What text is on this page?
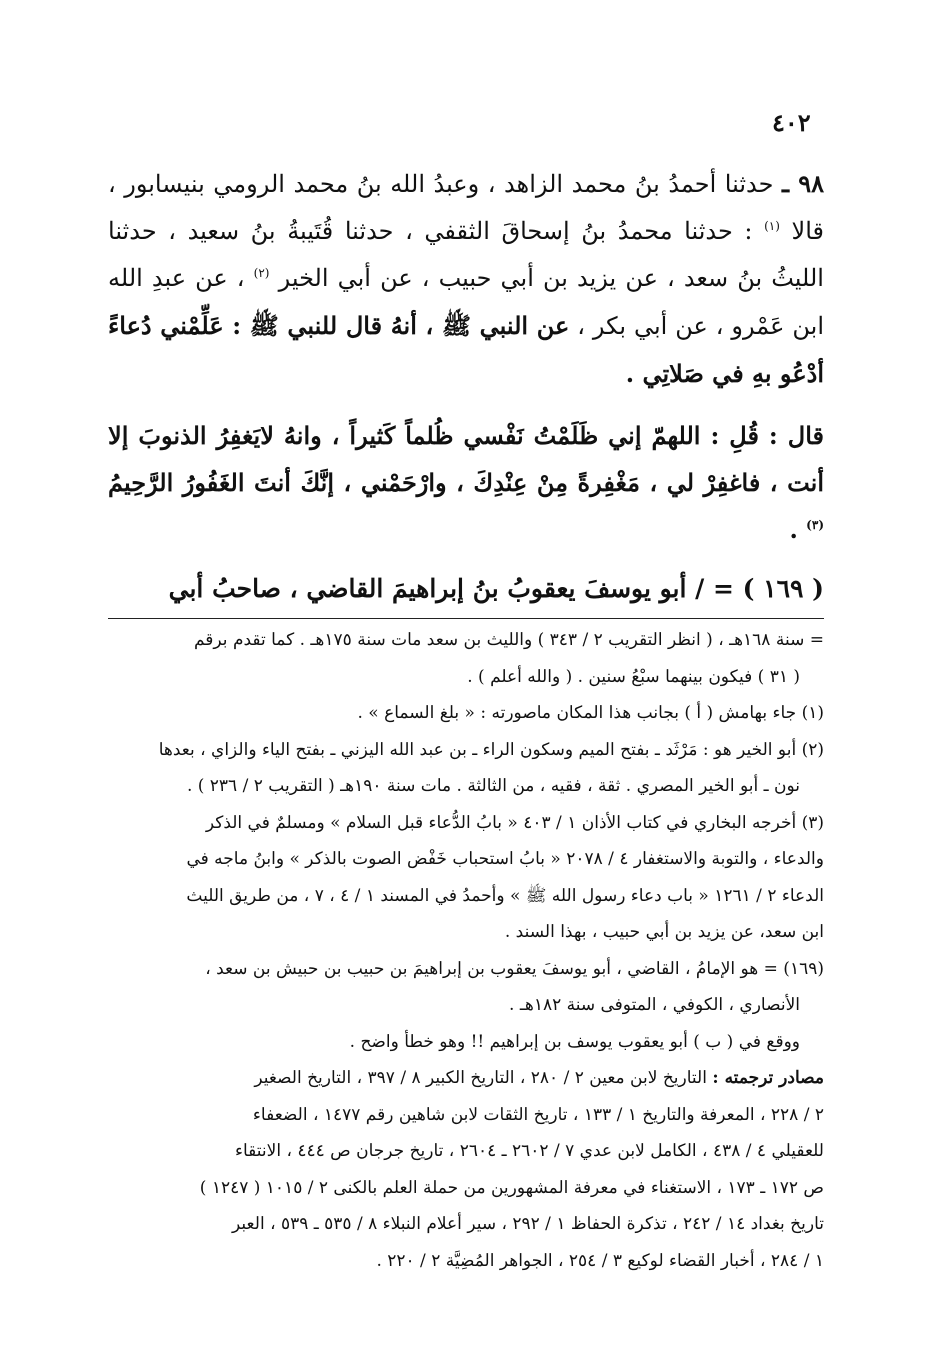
٤٠٢

٩٨ ـ حدثنا أحمدُ بنُ محمد الزاهد ، وعبدُ الله بنُ محمد الرومي بنيسابور ، قالا $^{(١)}$ : حدثنا محمدُ بنُ إسحاقَ الثقفي ، حدثنا قُتَيبةُ بنُ سعيد ، حدثنا الليثُ بنُ سعد ، عن يزيد بن أبي حبيب ، عن أبي الخير $^{(٢)}$ ، عن عبدِ الله ابن عَمْرو ، عن أبي بكر ، عن النبي ﷺ ، أنهُ قال للنبي ﷺ : عَلِّمْني دُعاءً أدْعُو بهِ في صَلاتِي .

قال : قُلِ : اللهمّ إني ظَلَمْتُ نَفْسي ظُلماً كَثيراً ، وانهُ لايَغفِرُ الذنوبَ إلا أنت ، فاغفِرْ لي ، مَغْفِرةً مِنْ عِنْدِكَ ، وارْحَمْني ، إنَّكَ أنتَ الغَفُورُ الرَّحِيمُ $^{(٣)}$ .

( ١٦٩ ) = / أبو يوسفَ يعقوبُ بنُ إبراهيمَ القاضي ، صاحبُ أبي

= سنة ١٦٨هـ ، ( انظر التقريب ٢ / ٣٤٣ ) والليث بن سعد مات سنة ١٧٥هـ . كما تقدم برقم

( ٣١ ) فيكون بينهما سبْعُ سنين . ( والله أعلم ) .

(١) جاء بهامش ( أ ) بجانب هذا المكان ماصورته : « بلغ السماع » .

(٢) أبو الخير هو : مَرْثَد ـ بفتح الميم وسكون الراء ـ بن عبد الله اليزني ـ بفتح الياء والزاي ، بعدها

نون ـ أبو الخير المصري . ثقة ، فقيه ، من الثالثة . مات سنة ١٩٠هـ ( التقريب ٢ / ٢٣٦ ) .

(٣) أخرجه البخاري في كتاب الأذان ١ / ٤٠٣ « بابُ الدُّعاء قبل السلام » ومسلمٌ في الذكر

والدعاء ، والتوبة والاستغفار ٤ / ٢٠٧٨ « بابُ استحباب خَفْض الصوت بالذكر » وابنُ ماجه في

الدعاء ٢ / ١٢٦١ « باب دعاء رسول الله ﷺ » وأحمدُ في المسند ١ / ٤ ، ٧ ، من طريق الليث

ابن سعد، عن يزيد بن أبي حبيب ، بهذا السند .

(١٦٩) = هو الإمامُ ، القاضي ، أبو يوسفَ يعقوب بن إبراهيمَ بن حبيب بن حبيش بن سعد ،

الأنصاري ، الكوفي ، المتوفى سنة ١٨٢هـ .

ووقع في ( ب ) أبو يعقوب يوسف بن إبراهيم !! وهو خطأ واضح .

مصادر ترجمته : التاريخ لابن معين ٢ / ٢٨٠ ، التاريخ الكبير ٨ / ٣٩٧ ، التاريخ الصغير

٢ / ٢٢٨ ، المعرفة والتاريخ ١ / ١٣٣ ، تاريخ الثقات لابن شاهين رقم ١٤٧٧ ، الضعفاء

للعقيلي ٤ / ٤٣٨ ، الكامل لابن عدي ٧ / ٢٦٠٢ ـ ٢٦٠٤ ، تاريخ جرجان ص ٤٤٤ ، الانتقاء

ص ١٧٢ ـ ١٧٣ ، الاستغناء في معرفة المشهورين من حملة العلم بالكنى ٢ / ١٠١٥ ( ١٢٤٧ )

تاريخ بغداد ١٤ / ٢٤٢ ، تذكرة الحفاظ ١ / ٢٩٢ ، سير أعلام النبلاء ٨ / ٥٣٥ ـ ٥٣٩ ، العبر

١ / ٢٨٤ ، أخبار القضاء لوكيع ٣ / ٢٥٤ ، الجواهر المُضِيَّة ٢ / ٢٢٠ .
